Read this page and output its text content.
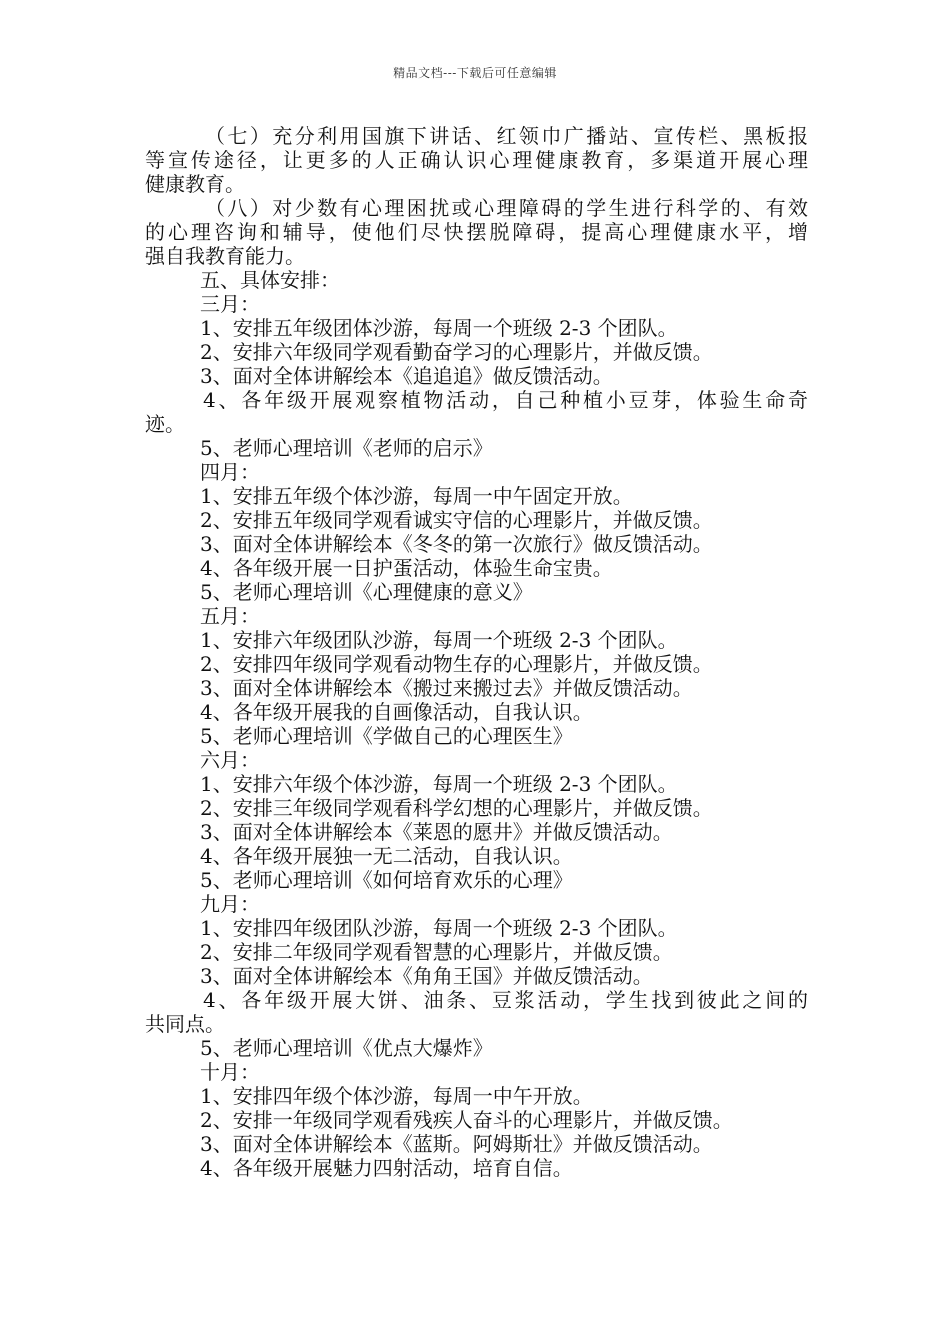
精品文档---下载后可任意编辑
（七）充分利用国旗下讲话、红领巾广播站、宣传栏、黑板报
等宣传途径，让更多的人正确认识心理健康教育，多渠道开展心理
健康教育。
（八）对少数有心理困扰或心理障碍的学生进行科学的、有效
的心理咨询和辅导，使他们尽快摆脱障碍，提高心理健康水平，增
强自我教育能力。
五、具体安排：
三月：
1、安排五年级团体沙游，每周一个班级 2-3 个团队。
2、安排六年级同学观看勤奋学习的心理影片，并做反馈。
3、面对全体讲解绘本《追追追》做反馈活动。
4、各年级开展观察植物活动，自己种植小豆芽，体验生命奇
迹。
5、老师心理培训《老师的启示》
四月：
1、安排五年级个体沙游，每周一中午固定开放。
2、安排五年级同学观看诚实守信的心理影片，并做反馈。
3、面对全体讲解绘本《冬冬的第一次旅行》做反馈活动。
4、各年级开展一日护蛋活动，体验生命宝贵。
5、老师心理培训《心理健康的意义》
五月：
1、安排六年级团队沙游，每周一个班级 2-3 个团队。
2、安排四年级同学观看动物生存的心理影片，并做反馈。
3、面对全体讲解绘本《搬过来搬过去》并做反馈活动。
4、各年级开展我的自画像活动，自我认识。
5、老师心理培训《学做自己的心理医生》
六月：
1、安排六年级个体沙游，每周一个班级 2-3 个团队。
2、安排三年级同学观看科学幻想的心理影片，并做反馈。
3、面对全体讲解绘本《莱恩的愿井》并做反馈活动。
4、各年级开展独一无二活动，自我认识。
5、老师心理培训《如何培育欢乐的心理》
九月：
1、安排四年级团队沙游，每周一个班级 2-3 个团队。
2、安排二年级同学观看智慧的心理影片，并做反馈。
3、面对全体讲解绘本《角角王国》并做反馈活动。
4、各年级开展大饼、油条、豆浆活动，学生找到彼此之间的
共同点。
5、老师心理培训《优点大爆炸》
十月：
1、安排四年级个体沙游，每周一中午开放。
2、安排一年级同学观看残疾人奋斗的心理影片，并做反馈。
3、面对全体讲解绘本《蓝斯。阿姆斯壮》并做反馈活动。
4、各年级开展魅力四射活动，培育自信。
